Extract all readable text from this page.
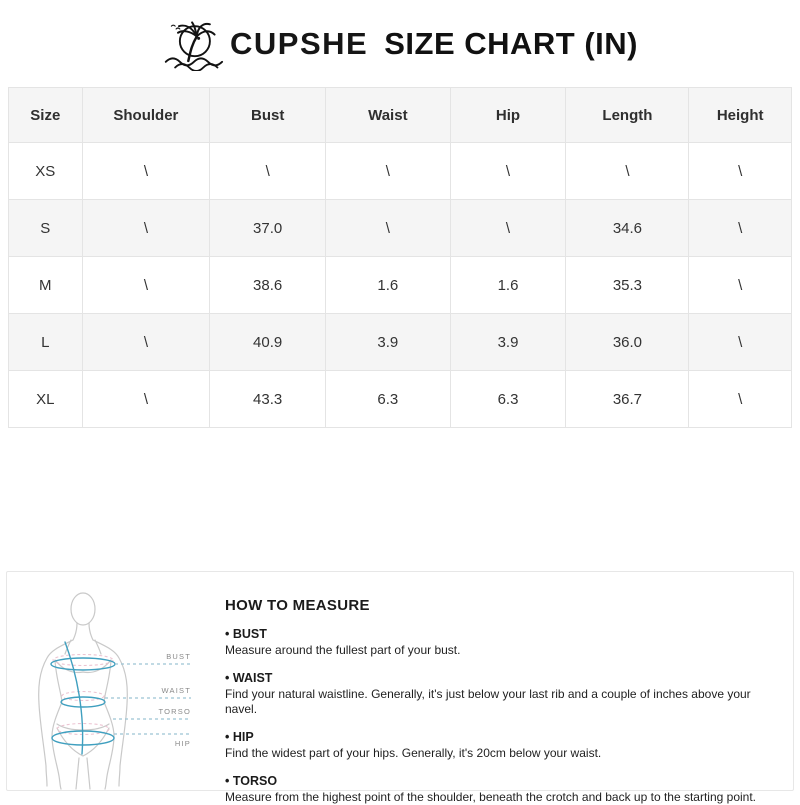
CUPSHE SIZE CHART (IN)
Size	Shoulder	Bust	Waist	Hip	Length	Height
XS	\	\	\	\	\	\
S	\	37.0	\	\	34.6	\
M	\	38.6	1.6	1.6	35.3	\
L	\	40.9	3.9	3.9	36.0	\
XL	\	43.3	6.3	6.3	36.7	\
BUST
WAIST
TORSO
HIP
HOW TO MEASURE
• BUST
Measure around the fullest part of your bust.
• WAIST
Find your natural waistline. Generally, it's just below your last rib and a couple of inches above your navel.
• HIP
Find the widest part of your hips. Generally, it's 20cm below your waist.
• TORSO
Measure from the highest point of the shoulder, beneath the crotch and back up to the starting point.
